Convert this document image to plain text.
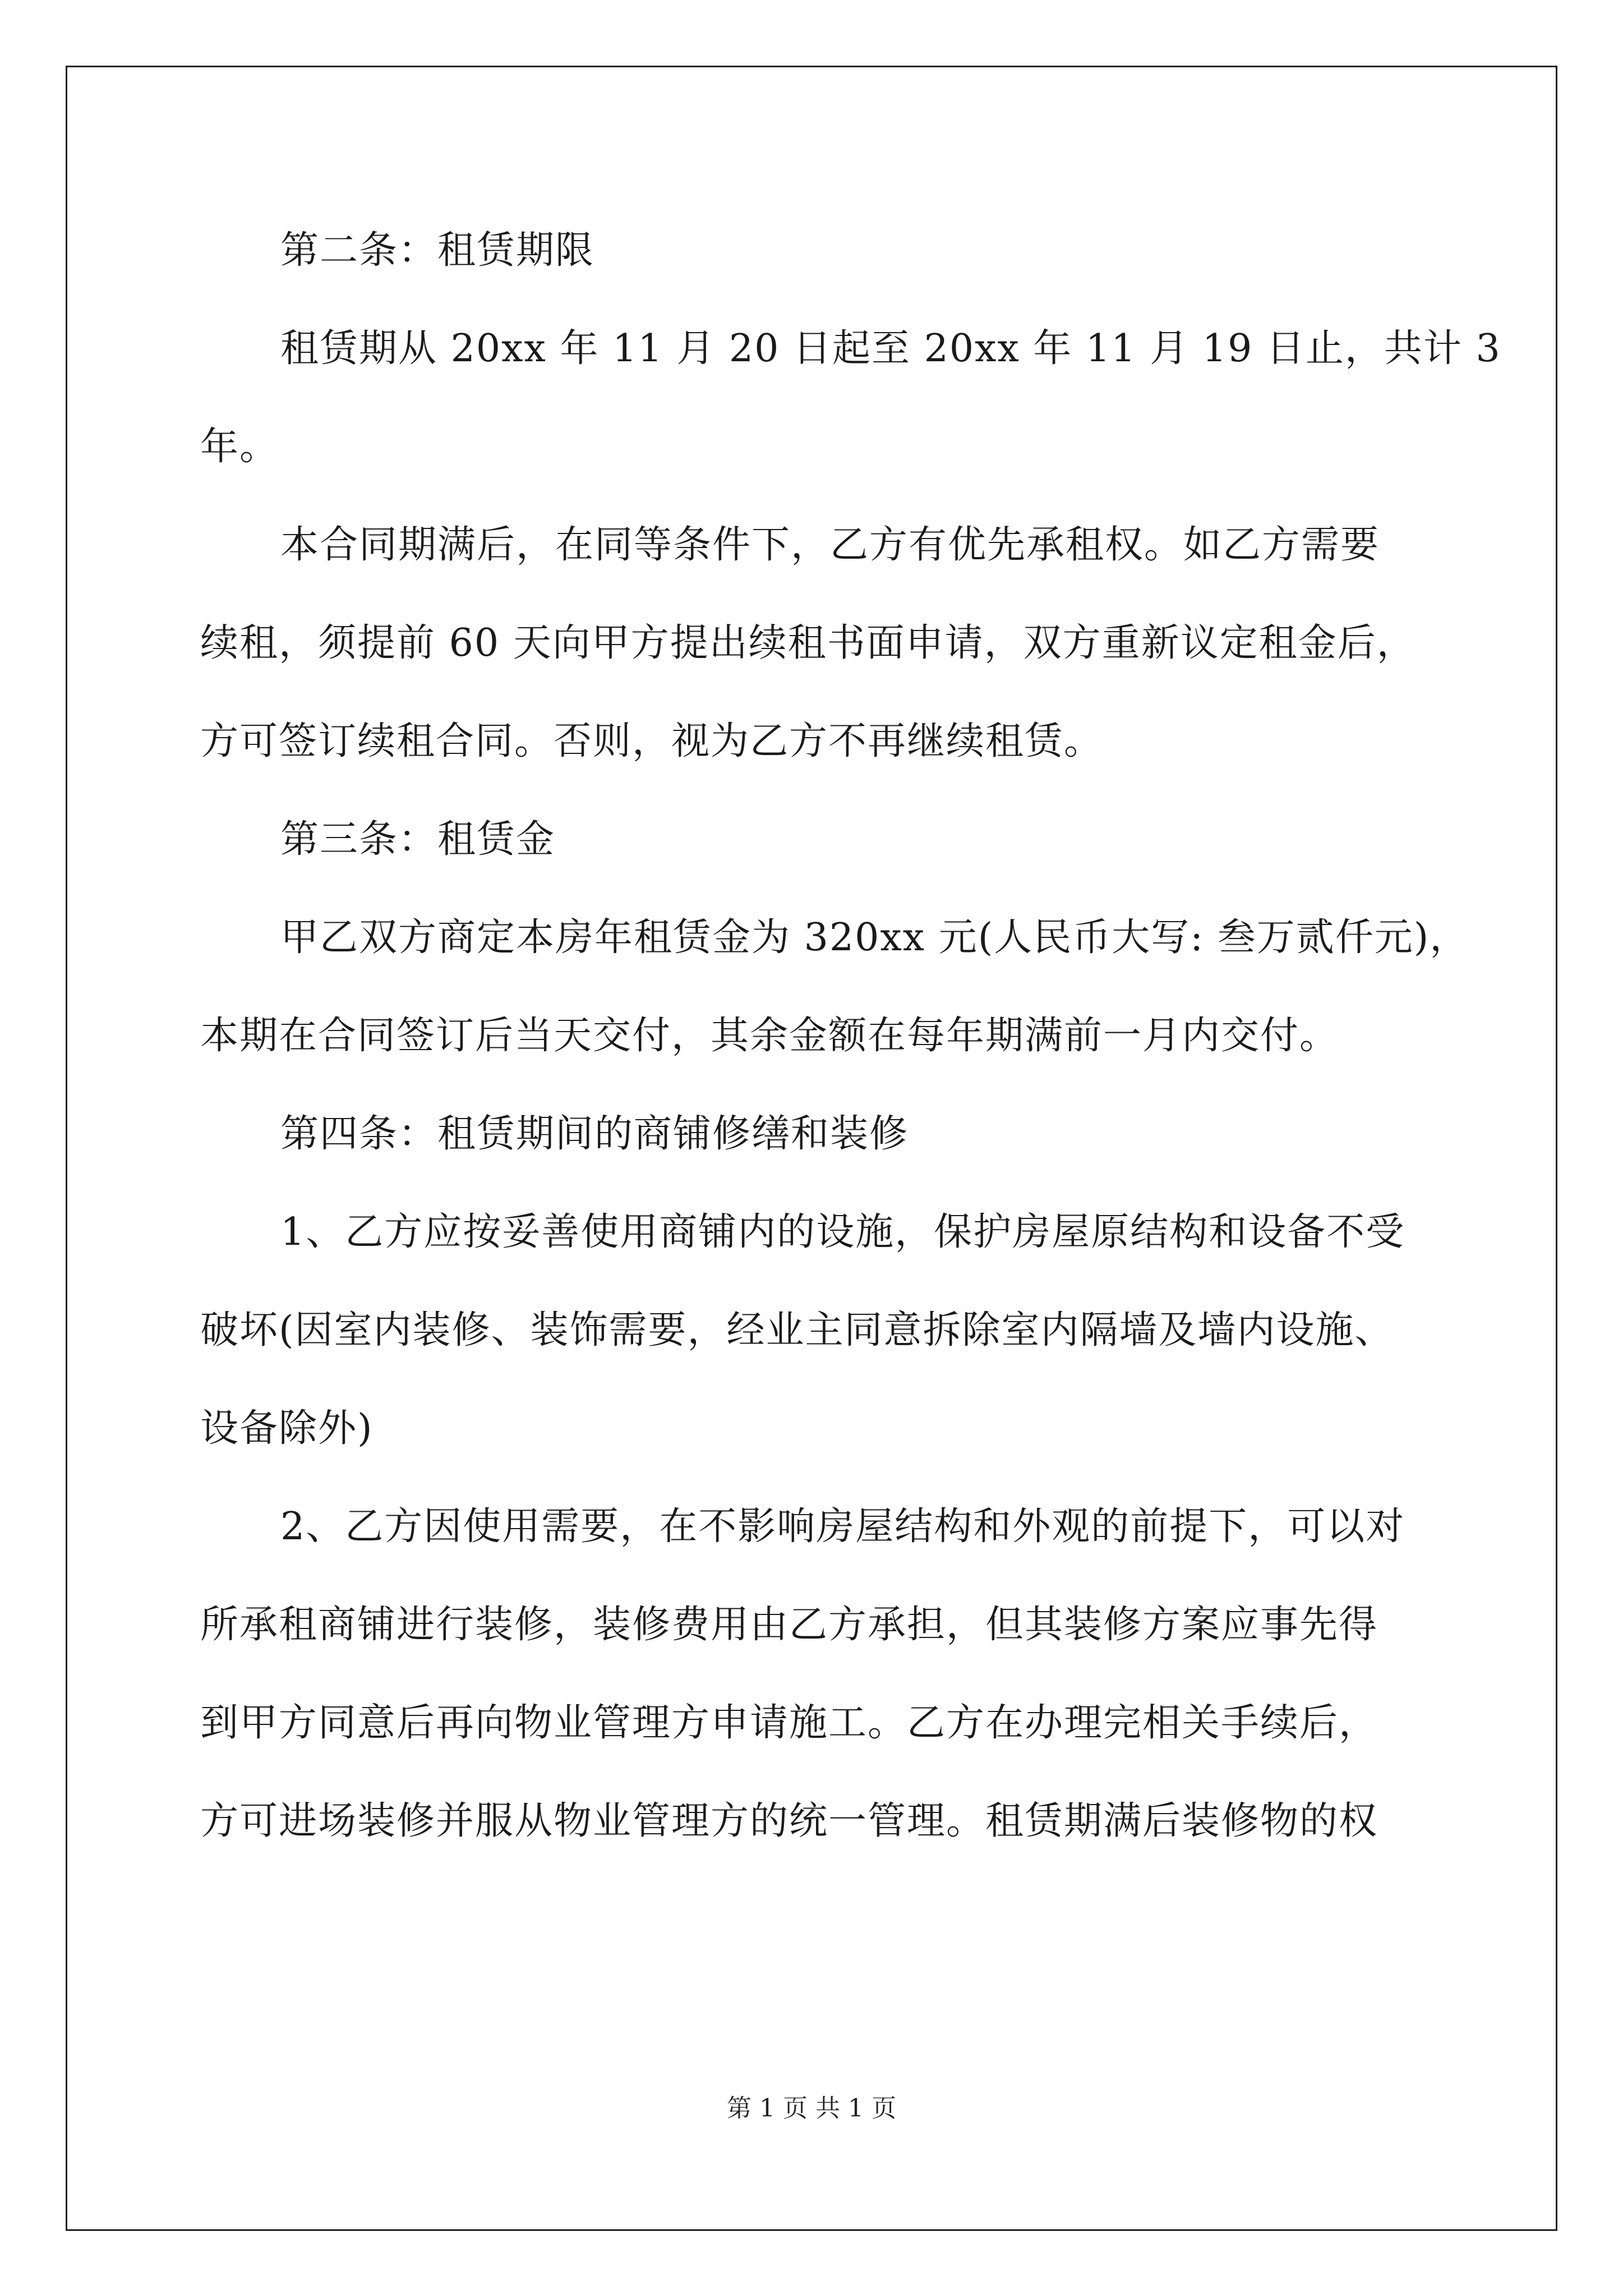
第二条：租赁期限
租赁期从 20xx 年 11 月 20 日起至 20xx 年 11 月 19 日止，共计 3
年。
本合同期满后，在同等条件下，乙方有优先承租权。如乙方需要
续租，须提前 60 天向甲方提出续租书面申请，双方重新议定租金后，
方可签订续租合同。否则，视为乙方不再继续租赁。
第三条：租赁金
甲乙双方商定本房年租赁金为 320xx 元(人民币大写: 叁万贰仟元)，
本期在合同签订后当天交付，其余金额在每年期满前一月内交付。
第四条：租赁期间的商铺修缮和装修
1、乙方应按妥善使用商铺内的设施，保护房屋原结构和设备不受
破坏(因室内装修、装饰需要，经业主同意拆除室内隔墙及墙内设施、
设备除外)
2、乙方因使用需要，在不影响房屋结构和外观的前提下，可以对
所承租商铺进行装修，装修费用由乙方承担，但其装修方案应事先得
到甲方同意后再向物业管理方申请施工。乙方在办理完相关手续后，
方可进场装修并服从物业管理方的统一管理。租赁期满后装修物的权
第 1 页 共 1 页
